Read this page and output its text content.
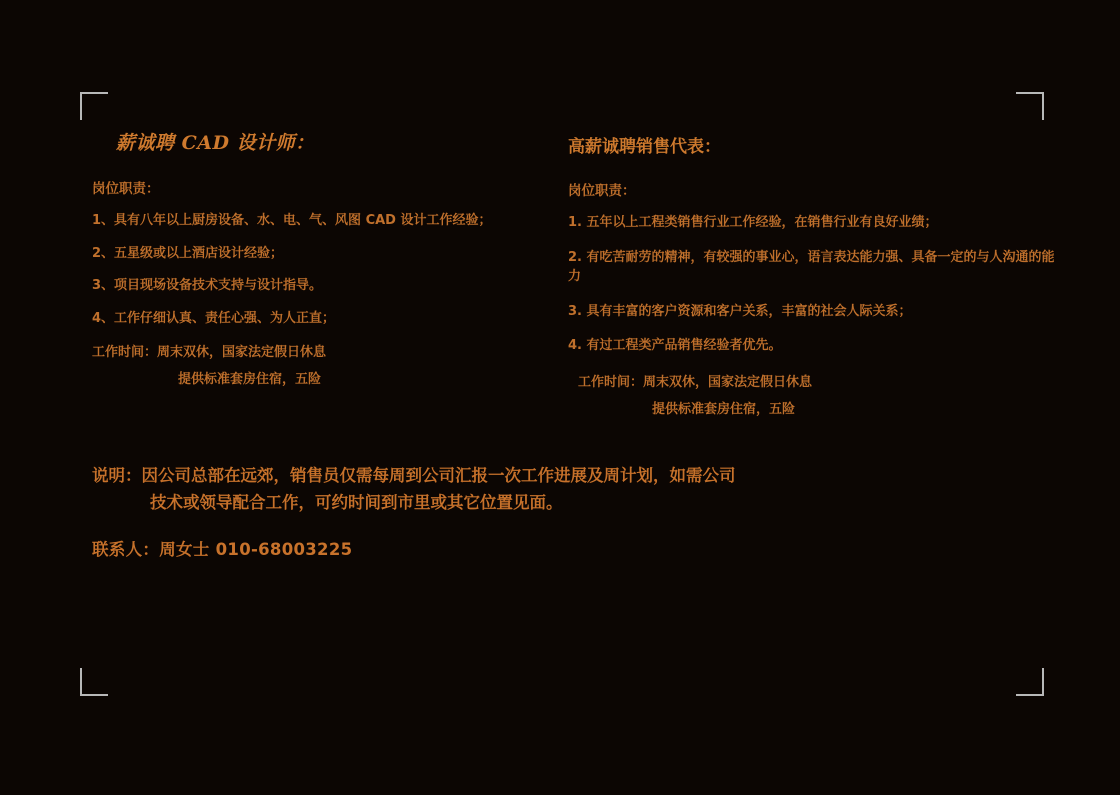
薪诚聘 CAD 设计师：
岗位职责：
1、具有八年以上厨房设备、水、电、气、风图 CAD 设计工作经验；
2、五星级或以上酒店设计经验；
3、项目现场设备技术支持与设计指导。
4、工作仔细认真、责任心强、为人正直；
工作时间：周末双休，国家法定假日休息
提供标准套房住宿，五险
高薪诚聘销售代表：
岗位职责：
1. 五年以上工程类销售行业工作经验，在销售行业有良好业绩；
2. 有吃苦耐劳的精神，有较强的事业心，语言表达能力强、具备一定的与人沟通的能力
3. 具有丰富的客户资源和客户关系，丰富的社会人际关系；
4. 有过工程类产品销售经验者优先。
工作时间：周末双休，国家法定假日休息
提供标准套房住宿，五险
说明：因公司总部在远郊，销售员仅需每周到公司汇报一次工作进展及周计划，如需公司
技术或领导配合工作，可约时间到市里或其它位置见面。
联系人：周女士 010-68003225
